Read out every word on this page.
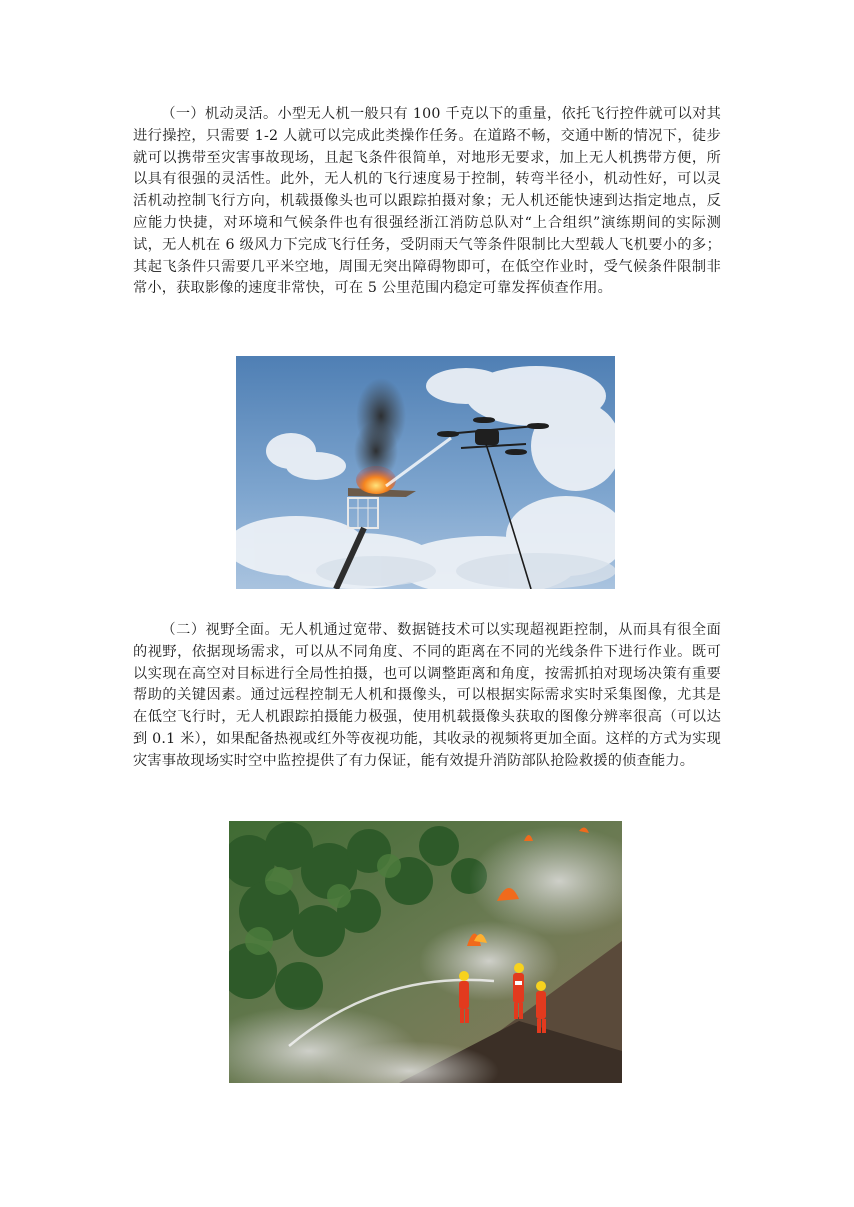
（一）机动灵活。小型无人机一般只有 100 千克以下的重量，依托飞行控件就可以对其进行操控，只需要 1-2 人就可以完成此类操作任务。在道路不畅，交通中断的情况下，徒步就可以携带至灾害事故现场，且起飞条件很简单，对地形无要求，加上无人机携带方便，所以具有很强的灵活性。此外，无人机的飞行速度易于控制，转弯半径小，机动性好，可以灵活机动控制飞行方向，机载摄像头也可以跟踪拍摄对象；无人机还能快速到达指定地点，反应能力快捷，对环境和气候条件也有很强经浙江消防总队对“上合组织”演练期间的实际测试，无人机在 6 级风力下完成飞行任务，受阴雨天气等条件限制比大型载人飞机要小的多；其起飞条件只需要几平米空地，周围无突出障碍物即可，在低空作业时，受气候条件限制非常小，获取影像的速度非常快，可在 5 公里范围内稳定可靠发挥侦查作用。

（二）视野全面。无人机通过宽带、数据链技术可以实现超视距控制，从而具有很全面的视野，依据现场需求，可以从不同角度、不同的距离在不同的光线条件下进行作业。既可以实现在高空对目标进行全局性拍摄，也可以调整距离和角度，按需抓拍对现场决策有重要帮助的关键因素。通过远程控制无人机和摄像头，可以根据实际需求实时采集图像，尤其是在低空飞行时，无人机跟踪拍摄能力极强，使用机载摄像头获取的图像分辨率很高（可以达到 0.1 米），如果配备热视或红外等夜视功能，其收录的视频将更加全面。这样的方式为实现灾害事故现场实时空中监控提供了有力保证，能有效提升消防部队抢险救援的侦查能力。
